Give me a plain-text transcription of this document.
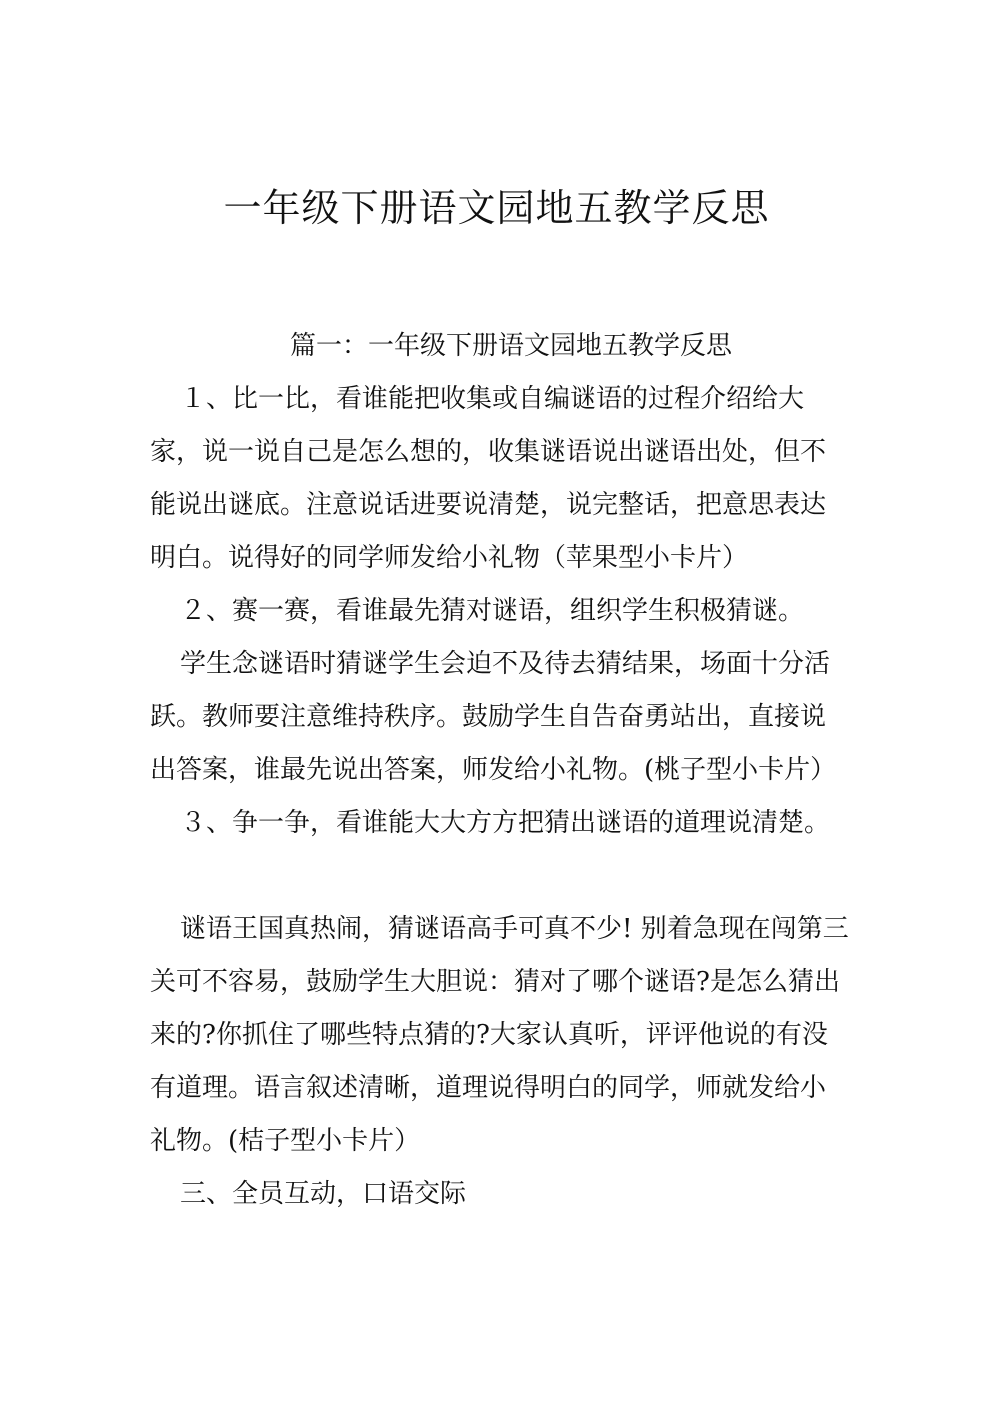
一年级下册语文园地五教学反思

篇一：一年级下册语文园地五教学反思

１、比一比，看谁能把收集或自编谜语的过程介绍给大家，说一说自己是怎么想的，收集谜语说出谜语出处，但不能说出谜底。注意说话进要说清楚，说完整话，把意思表达明白。说得好的同学师发给小礼物（苹果型小卡片）

２、赛一赛，看谁最先猜对谜语，组织学生积极猜谜。

学生念谜语时猜谜学生会迫不及待去猜结果，场面十分活跃。教师要注意维持秩序。鼓励学生自告奋勇站出，直接说出答案，谁最先说出答案，师发给小礼物。(桃子型小卡片）

３、争一争，看谁能大大方方把猜出谜语的道理说清楚。

谜语王国真热闹，猜谜语高手可真不少! 别着急现在闯第三关可不容易，鼓励学生大胆说：猜对了哪个谜语?是怎么猜出来的?你抓住了哪些特点猜的?大家认真听，评评他说的有没有道理。语言叙述清晰，道理说得明白的同学，师就发给小礼物。(桔子型小卡片）

三、全员互动，口语交际
